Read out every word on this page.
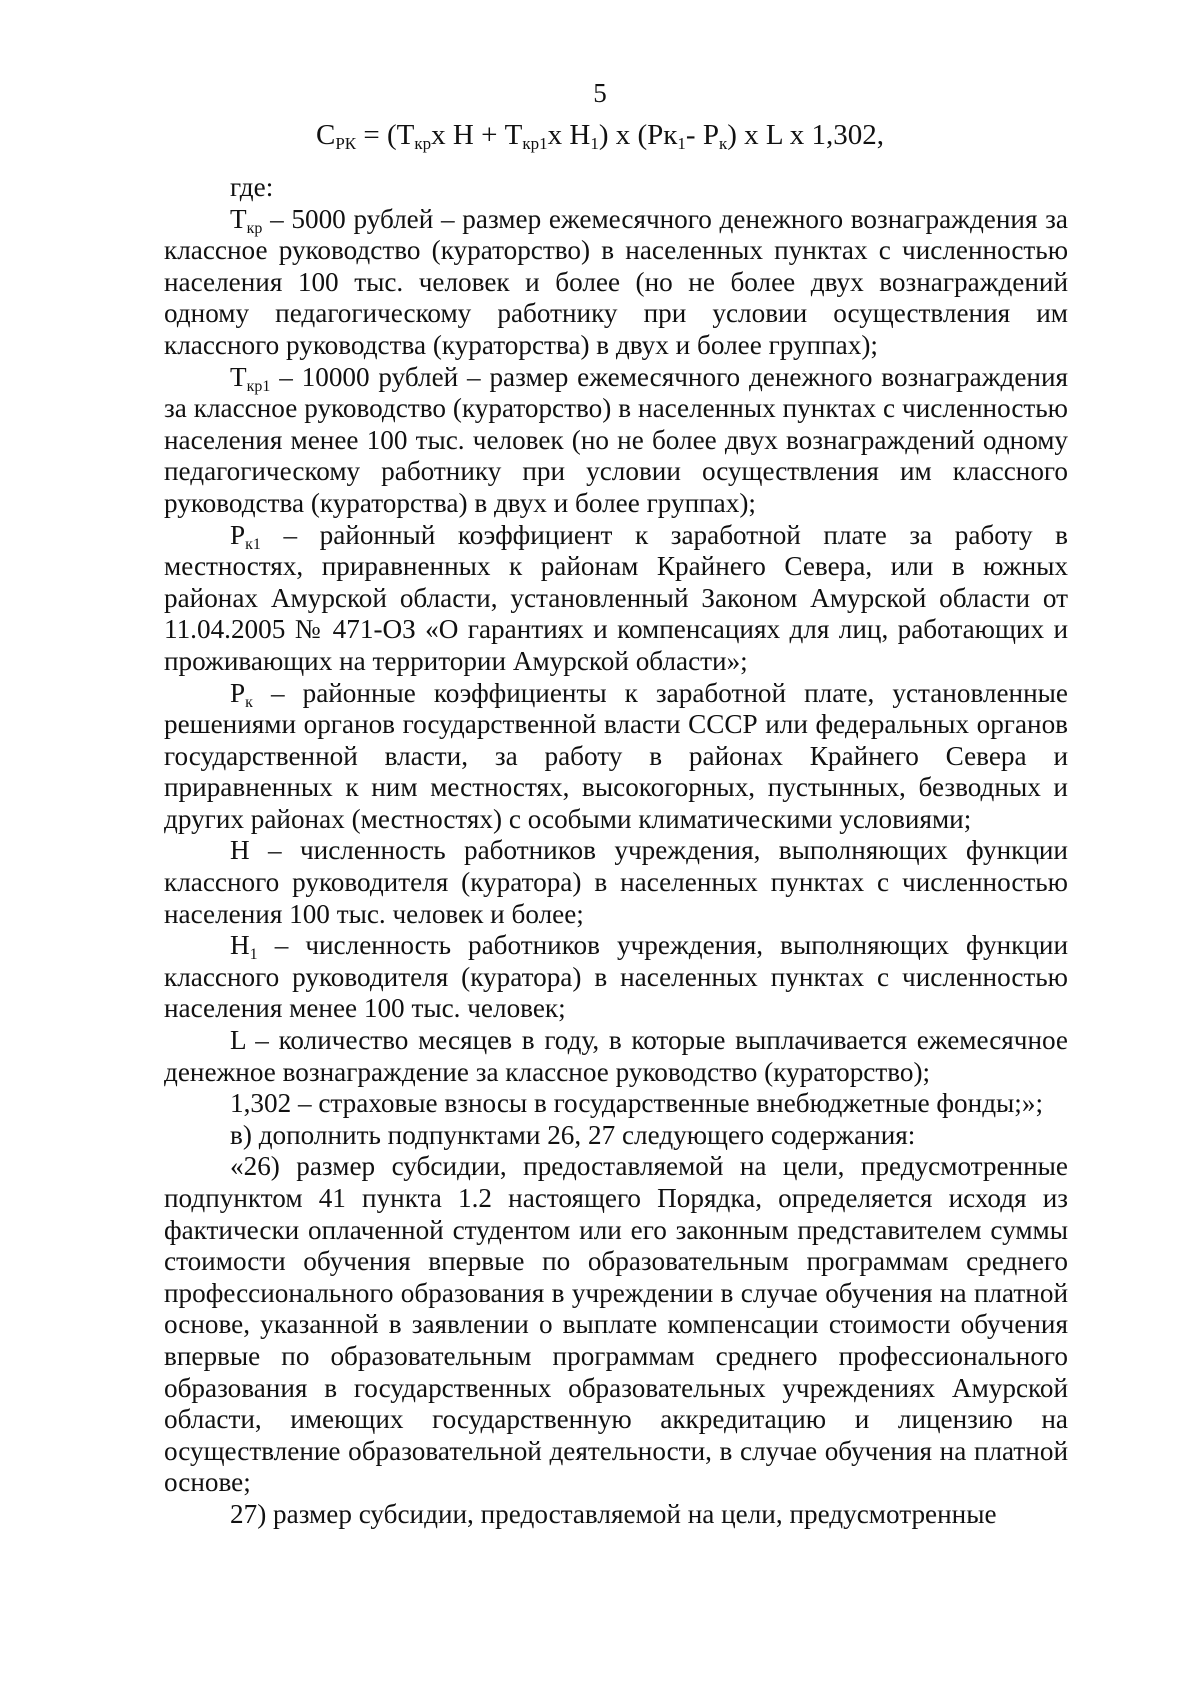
5
$С_{РК} = (Т_{кр}x$ $Н + Т_{кр1}x$ $Н_1$) x ($Рк_1-$ $Р_к$) x L x 1,302,

где:

$Т_{кр} - 5000$ рублей – размер ежемесячного денежного вознаграждения за классное руководство (кураторство) в населенных пунктах с численностью населения 100 тыс. человек и более (но не более двух вознаграждений одному педагогическому работнику при условии осуществления им классного руководства (кураторства) в двух и более группах);

$Т_{кр1} - 10000$ рублей – размер ежемесячного денежного вознаграждения за классное руководство (кураторство) в населенных пунктах с численностью населения менее 100 тыс. человек (но не более двух вознаграждений одному педагогическому работнику при условии осуществления им классного руководства (кураторства) в двух и более группах);

$Р_{к1}$ – районный коэффициент к заработной плате за работу в местностях, приравненных к районам Крайнего Севера, или в южных районах Амурской области, установленный Законом Амурской области от 11.04.2005 № 471-ОЗ «О гарантиях и компенсациях для лиц, работающих и проживающих на территории Амурской области»;

$Р_к$ – районные коэффициенты к заработной плате, установленные решениями органов государственной власти СССР или федеральных органов государственной власти, за работу в районах Крайнего Севера и приравненных к ним местностях, высокогорных, пустынных, безводных и других районах (местностях) с особыми климатическими условиями;

Н – численность работников учреждения, выполняющих функции классного руководителя (куратора) в населенных пунктах с численностью населения 100 тыс. человек и более;

$Н_1$ – численность работников учреждения, выполняющих функции классного руководителя (куратора) в населенных пунктах с численностью населения менее 100 тыс. человек;

L – количество месяцев в году, в которые выплачивается ежемесячное денежное вознаграждение за классное руководство (кураторство);

1,302 – страховые взносы в государственные внебюджетные фонды;»;

в) дополнить подпунктами 26, 27 следующего содержания:

«26) размер субсидии, предоставляемой на цели, предусмотренные подпунктом 41 пункта 1.2 настоящего Порядка, определяется исходя из фактически оплаченной студентом или его законным представителем суммы стоимости обучения впервые по образовательным программам среднего профессионального образования в учреждении в случае обучения на платной основе, указанной в заявлении о выплате компенсации стоимости обучения впервые по образовательным программам среднего профессионального образования в государственных образовательных учреждениях Амурской области, имеющих государственную аккредитацию и лицензию на осуществление образовательной деятельности, в случае обучения на платной основе;

27) размер субсидии, предоставляемой на цели, предусмотренные
